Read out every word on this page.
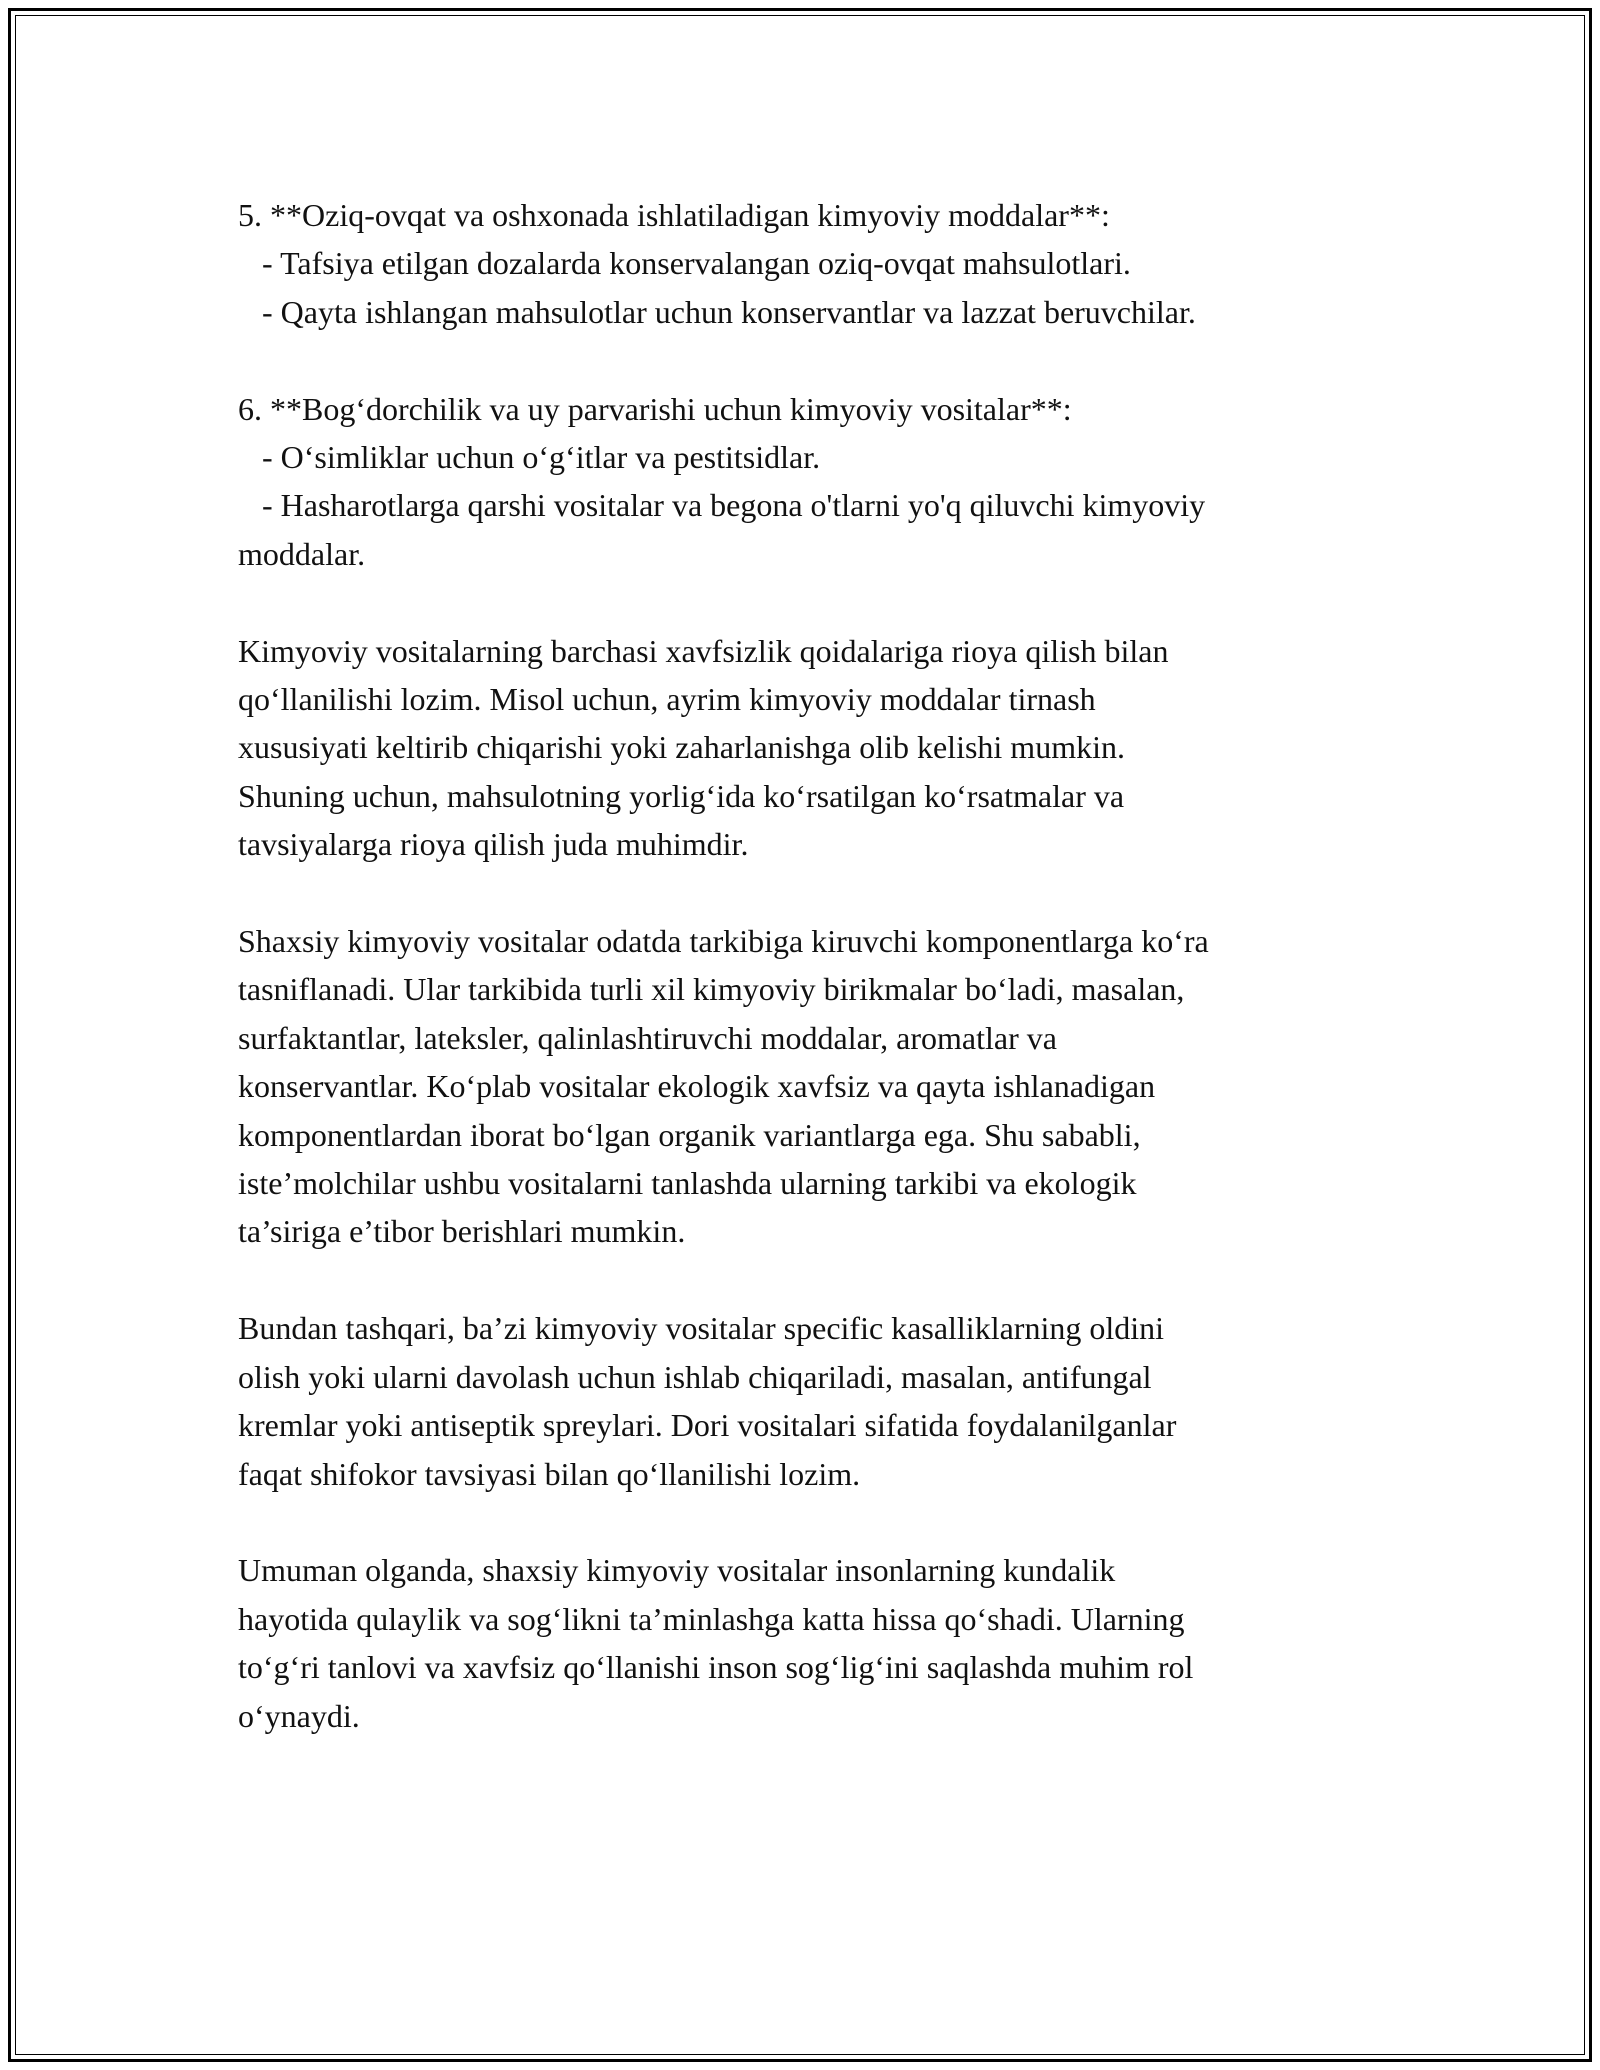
5. **Oziq-ovqat va oshxonada ishlatiladigan kimyoviy moddalar**:
- Tafsiya etilgan dozalarda konservalangan oziq-ovqat mahsulotlari.
- Qayta ishlangan mahsulotlar uchun konservantlar va lazzat beruvchilar.
6. **Bog‘dorchilik va uy parvarishi uchun kimyoviy vositalar**:
- O‘simliklar uchun o‘g‘itlar va pestitsidlar.
- Hasharotlarga qarshi vositalar va begona o'tlarni yo'q qiluvchi kimyoviy
moddalar.
Kimyoviy vositalarning barchasi xavfsizlik qoidalariga rioya qilish bilan
qo‘llanilishi lozim. Misol uchun, ayrim kimyoviy moddalar tirnash
xususiyati keltirib chiqarishi yoki zaharlanishga olib kelishi mumkin.
Shuning uchun, mahsulotning yorlig‘ida ko‘rsatilgan ko‘rsatmalar va
tavsiyalarga rioya qilish juda muhimdir.
Shaxsiy kimyoviy vositalar odatda tarkibiga kiruvchi komponentlarga ko‘ra
tasniflanadi. Ular tarkibida turli xil kimyoviy birikmalar bo‘ladi, masalan,
surfaktantlar, lateksler, qalinlashtiruvchi moddalar, aromatlar va
konservantlar. Ko‘plab vositalar ekologik xavfsiz va qayta ishlanadigan
komponentlardan iborat bo‘lgan organik variantlarga ega. Shu sababli,
iste’molchilar ushbu vositalarni tanlashda ularning tarkibi va ekologik
ta’siriga e’tibor berishlari mumkin.
Bundan tashqari, ba’zi kimyoviy vositalar specific kasalliklarning oldini
olish yoki ularni davolash uchun ishlab chiqariladi, masalan, antifungal
kremlar yoki antiseptik spreylari. Dori vositalari sifatida foydalanilganlar
faqat shifokor tavsiyasi bilan qo‘llanilishi lozim.
Umuman olganda, shaxsiy kimyoviy vositalar insonlarning kundalik
hayotida qulaylik va sog‘likni ta’minlashga katta hissa qo‘shadi. Ularning
to‘g‘ri tanlovi va xavfsiz qo‘llanishi inson sog‘lig‘ini saqlashda muhim rol
o‘ynaydi.
